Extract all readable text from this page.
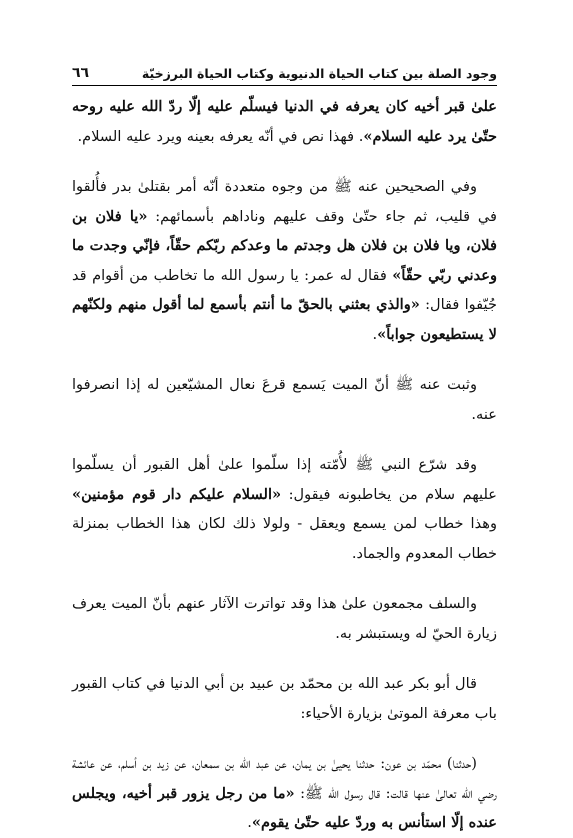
وجود الصلة بين كتاب الحياة الدنيوية وكتاب الحياة البرزخيّة
٦٦

علىٰ قبر أخيه كان يعرفه في الدنيا فيسلّم عليه إلّا ردّ الله عليه روحه حتّىٰ يرد عليه السلام». فهذا نص في أنّه يعرفه بعينه ويرد عليه السلام.

وفي الصحيحين عنه ﷺ من وجوه متعددة أنّه أمر بقتلىٰ بدر فأُلقوا في قليب، ثم جاء حتّىٰ وقف عليهم وناداهم بأسمائهم: «يا فلان بن فلان، ويا فلان بن فلان هل وجدتم ما وعدكم ربّكم حقّاً، فإنّي وجدت ما وعدني ربّي حقّاً» فقال له عمر: يا رسول الله ما تخاطب من أقوام قد جُيّفوا فقال: «والذي بعثني بالحقّ ما أنتم بأسمع لما أقول منهم ولكنّهم لا يستطيعون جواباً».

وثبت عنه ﷺ أنّ الميت يَسمع قرعَ نعال المشيّعين له إذا انصرفوا عنه.

وقد شرّع النبي ﷺ لأُمّته إذا سلّموا علىٰ أهل القبور أن يسلّموا عليهم سلام من يخاطبونه فيقول: «السلام عليكم دار قوم مؤمنين» وهذا خطاب لمن يسمع ويعقل - ولولا ذلك لكان هذا الخطاب بمنزلة خطاب المعدوم والجماد.

والسلف مجمعون علىٰ هذا وقد تواترت الآثار عنهم بأنّ الميت يعرف زيارة الحيّ له ويستبشر به.

قال أبو بكر عبد الله بن محمّد بن عبيد بن أبي الدنيا في كتاب القبور باب معرفة الموتىٰ بزيارة الأحياء:

(حدثنا) محمّد بن عون: حدثنا يحيىٰ بن يمان، عن عبد الله بن سمعان، عن زيد بن أسلم، عن عائشة رضي الله تعالىٰ عنها قالت: قال رسول الله ﷺ: «ما من رجل يزور قبر أخيه، ويجلس عنده إلّا استأنس به وردّ عليه حتّىٰ يقوم».
